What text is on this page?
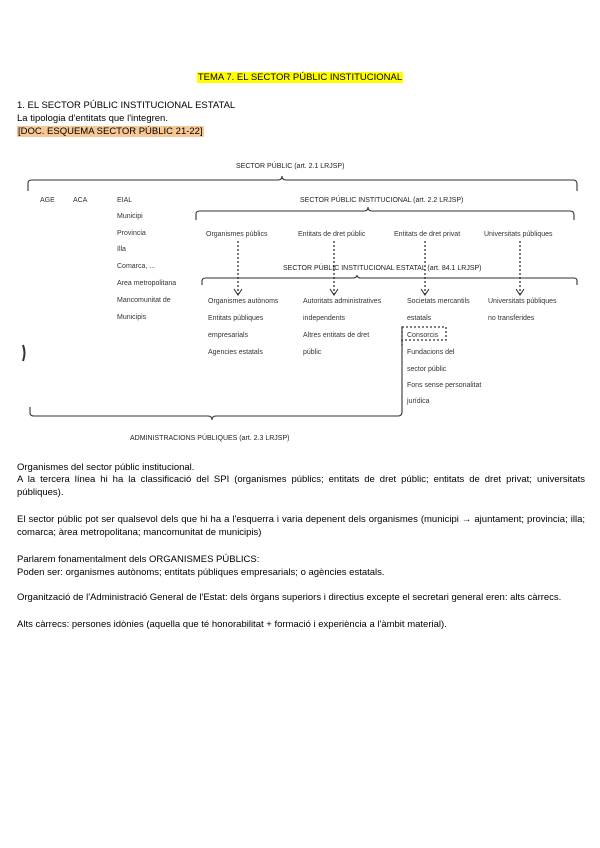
TEMA 7. EL SECTOR PÚBLIC INSTITUCIONAL
1. EL SECTOR PÚBLIC INSTITUCIONAL ESTATAL
La tipologia d'entitats que l'integren.
[DOC. ESQUEMA SECTOR PÚBLIC 21-22]
SECTOR PÚBLIC (art. 2.1 LRJSP)
AGE	ACA	EIAL
Municipi
Provincia
Illa
Comarca, ...
Area metropolitana
Mancomunitat de
Municipis
SECTOR PÚBLIC INSTITUCIONAL (art. 2.2 LRJSP)
Organismes públics	Entitats de dret públic	Entitats de dret privat	Universitats públiques
SECTOR PÚBLIC INSTITUCIONAL ESTATAL (art. 84.1 LRJSP)
Organismes autònoms
Entitats públiques
empresarials
Agencies estatals
Autoritats administratives
independents
Altres entitats de dret
públic
Societats mercantils
estatals
Consorcis
Fundacions del
sector públic
Fons sense personalitat
jurídica
Universitats públiques
no transferides
ADMINISTRACIONS PÚBLIQUES (art. 2.3 LRJSP)
Organismes del sector públic institucional.

A la tercera línea hi ha la classificació del SPI (organismes públics; entitats de dret públic; entitats de dret privat; universitats públiques).

El sector públic pot ser qualsevol dels que hi ha a l'esquerra i varia depenent dels organismes (municipi → ajuntament; provincia; illa; comarca; àrea metropolitana; mancomunitat de municipis)

Parlarem fonamentalment dels ORGANISMES PÚBLICS:
Poden ser: organismes autònoms; entitats públiques empresarials; o agències estatals.

Organització de l'Administració General de l'Estat: dels òrgans superiors i directius excepte el secretari general eren: alts càrrecs.

Alts càrrecs: persones idònies (aquella que té honorabilitat + formació i experiència a l'àmbit material).
